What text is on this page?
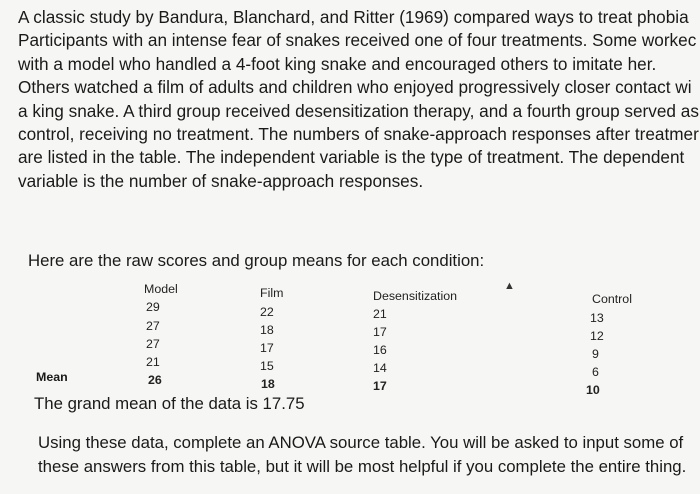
A classic study by Bandura, Blanchard, and Ritter (1969) compared ways to treat phobia
Participants with an intense fear of snakes received one of four treatments. Some workec
with a model who handled a 4-foot king snake and encouraged others to imitate her.
Others watched a film of adults and children who enjoyed progressively closer contact wi
a king snake. A third group received desensitization therapy, and a fourth group served as
control, receiving no treatment. The numbers of snake-approach responses after treatmer
are listed in the table. The independent variable is the type of treatment. The dependent
variable is the number of snake-approach responses.
Here are the raw scores and group means for each condition:
Model
29
27
27
21
26
Film
22
18
17
15
18
Desensitization
21
17
16
14
17
Control
13
12
9
6
10
Mean
▲
The grand mean of the data is 17.75
Using these data, complete an ANOVA source table. You will be asked to input some of these answers from this table, but it will be most helpful if you complete the entire thing.
